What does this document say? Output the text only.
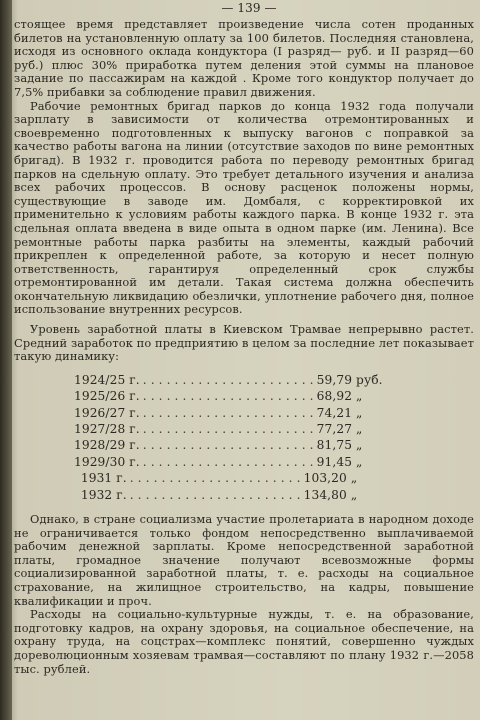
— 139 —

стоящее время представляет произведение числа сотен проданных билетов на установленную оплату за 100 билетов. Последняя становлена, исходя из основного оклада кондуктора (I разряд— руб. и II разряд—60 руб.) плюс 30% приработка путем деления этой суммы на плановое задание по пассажирам на каждой . Кроме того кондуктор получает до 7,5% прибавки за соблюдение правил движения.

Рабочие ремонтных бригад парков до конца 1932 года получали зарплату в зависимости от количества отремонтированных и своевременно подготовленных к выпуску вагонов с поправкой за качество работы вагона на линии (отсутствие заходов по вине ремонтных бригад). В 1932 г. проводится работа по переводу ремонтных бригад парков на сдельную оплату. Это требует детального изучения и анализа всех рабочих процессов. В основу расценок положены нормы, существующие в заводе им. Домбаля, с корректировкой их применительно к условиям работы каждого парка. В конце 1932 г. эта сдельная оплата введена в виде опыта в одном парке (им. Ленина). Все ремонтные работы парка разбиты на элементы, каждый рабочий прикреплен к определенной работе, за которую и несет полную ответственность, гарантируя определенный срок службы отремонтированной им детали. Такая система должна обеспечить окончательную ликвидацию обезлички, уплотнение рабочего дня, полное использование внутренних ресурсов.

Уровень заработной платы в Киевском Трамвае непрерывно растет. Средний заработок по предприятию в целом за последние лет показывает такую динамику:

1924/25 г. . . . . . . . . . . . . . . . . . . . . . . 59,79 руб.
1925/26 г. . . . . . . . . . . . . . . . . . . . . . . 68,92 „
1926/27 г. . . . . . . . . . . . . . . . . . . . . . . 74,21 „
1927/28 г. . . . . . . . . . . . . . . . . . . . . . . 77,27 „
1928/29 г. . . . . . . . . . . . . . . . . . . . . . . 81,75 „
1929/30 г. . . . . . . . . . . . . . . . . . . . . . . 91,45 „
1931 г. . . . . . . . . . . . . . . . . . . . . . . 103,20 „
1932 г. . . . . . . . . . . . . . . . . . . . . . . 134,80 „

Однако, в стране социализма участие пролетариата в народном доходе не ограничивается только фондом непосредственно выплачиваемой рабочим денежной зарплаты. Кроме непосредственной заработной платы, громадное значение получают всевозможные формы социализированной заработной платы, т. е. расходы на социальное страхование, на жилищное строительство, на кадры, повышение квалификации и проч.

Расходы на социально-культурные нужды, т. е. на образование, подготовку кадров, на охрану здоровья, на социальное обеспечение, на охрану труда, на соцстрах—комплекс понятий, совершенно чуждых дореволюционным хозяевам трамвая—составляют по плану 1932 г.—2058 тыс. рублей.
